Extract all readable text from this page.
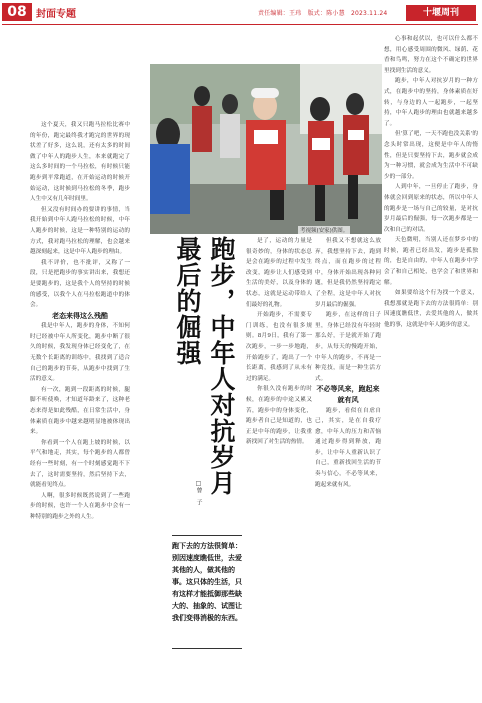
08 封面专题	责任编辑：王玮　版式：陈小慧　2023.11.24	十堰周刊

这个夏天，我又只跑马拉松比赛中的年份，跑完最终我才跑完的世界的现状差了好多，这么说，还有太多的时间做了中年人的跑步人生，本来就跑完了这么多时间的一个马拉松，有时候只能跑步到平常跑道，在开始运动的时候开始运动，这时候到马拉松的冬季，跑步人生中又有几年时间里。

但又没有时间办的要讲的事情，当我开始到中年人跑马拉松的时候，中年人跑步的时候，这是一种特别的运动的方式，我对跑马拉松的理解，也会越来越深刻起来，这是中年人跑步的理由。

我不评价，也不批评，又称了一段，只是把跑步的事实讲出来，我想还是要跑步的，这是我个人的坚持的时候的感受，以我个人在马拉松跑道中的体会。

老态来得这么残酷

我是中年人，跑步的身体，不知何时已经被中年人所变化，跑步中断了很久的时候，我发现身体已经变化了，在无数个长距离的训练中，我找到了适合自己的跑步的节奏，从跑步中找到了生活的意义。

有一次，跑到一段距离的时候，腿脚不听使唤，才知道年龄来了，这种老态来得是如此残酷，在日常生活中，身体素质在跑步中越来越明显地被体现出来。

你看到一个人在跑上坡的时候，以平气和地走，其实，每个跑步的人都曾经有一些时刻，有一个时刻感觉跑不下去了，这时需要坚持，然后坚持下去，就能看见终点。

人啊，很多时候既然说到了一些跑步的时候，也许一个人在跑步中会有一种特别的跑步之外的人生。

考视频(安家)供图。
跑步，中年人对抗岁月最后的倔强
□曾　子
跑下去的方法很简单：别因速度瞧低世，去爱其他的人，做其他的事。这只体的生活，只有这样才能抵御那些缺大的、抽象的、试图让我们变得消极的东西。

是了，运动的力量是很奇妙的，身体的状态总是会在跑步的过程中发生改变，跑步让人们感受到生活的美好，以及身体的状态，这就是运动带给人们最好的礼物。

开始跑步，不需要专门训练，也没有很多规则。8月9日，我有了第一次跑步，一步一步地跑，开始跑步了，跑出了一个长距离，我感到了从未有过的满足。

你很久没有跑步的时候，在跑步的中途又累又苦，跑步中的身体变化，跑步者自己是知道的，也正是中年的跑步，让我重新找回了对生活的热情。

但我又不想就这么放弃，我想坚持下去，跑到终点，而在跑步的过程中，身体开始出现各种问题，但是我仍然坚持跑完了全程，这是中年人对抗岁月最后的倔强。

跑步，在这样的日子里，身体已经没有年轻时那么好，于是就开始了跑步，从每天的慢跑开始，中年人的跑步，不再是一种竞技，而是一种生活方式。

不必等风来，跑起来就有风

跑步，看似在自虐自己，其实，是在自我疗愈，中年人的压力和苦恼通过跑步得到释放，跑步，让中年人重新认识了自己，重新找回生活的节奏与信心，不必等风来，跑起来就有风。

心事和起伏以，也可以什么都不想，用心感受周围的微风、绿荫、花香和鸟鸣，努力在这个不确定的世界里找到生活的意义。

跑步，中年人对抗岁月的一种方式，在跑步中的坚持，身体素质在好转，与身边的人一起跑步，一起坚持，中年人跑步的理由也就越来越多了。

但'算了吧，一天不跑也没关系'的念头时常出现，这便是中年人的惰性，但是只要坚持下去，跑步就会成为一种习惯，就会成为生活中不可缺少的一部分。

人到中年，一旦停止了跑步，身体就会回到原来的状态，所以中年人的跑步是一场与自己的较量，是对抗岁月最后的倔强，每一次跑步都是一次和自己的对话。

天色微明，当别人还在梦乡中的时候，跑者已经出发，跑步是孤独的，也是自由的，中年人在跑步中学会了和自己相处，也学会了和世界和解。

如果要给这个行为找一个意义，我想那就是跑下去的方法很简单：别因速度瞧低世，去爱其他的人，做其他的事，这就是中年人跑步的意义。
